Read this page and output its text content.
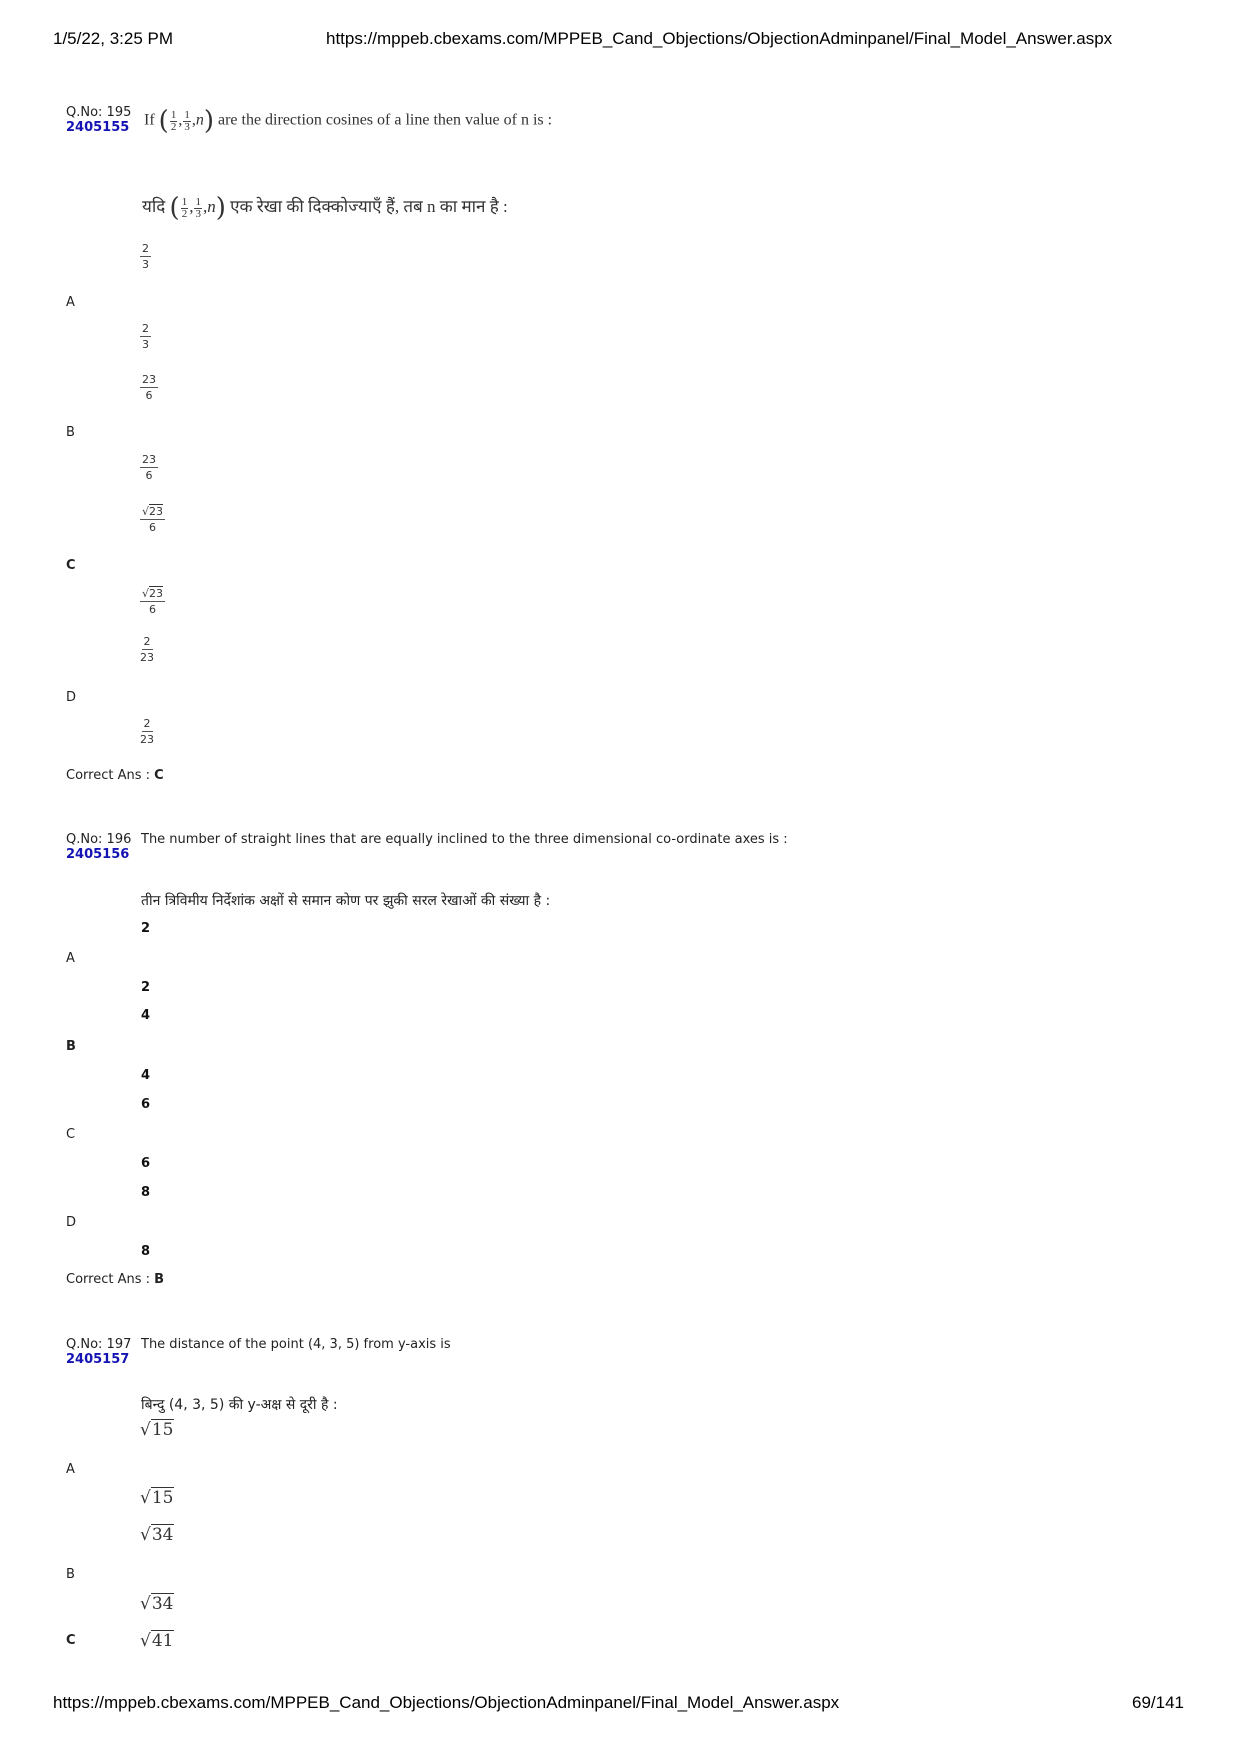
1/5/22, 3:25 PM	https://mppeb.cbexams.com/MPPEB_Cand_Objections/ObjectionAdminpanel/Final_Model_Answer.aspx
Q.No: 195
2405155 If ( $\frac{1}{2}$ , $\frac{1}{3} ,n$) are the direction cosines of a line then value of n is :
यदि ( $\frac{1}{2}$ , $\frac{1}{3} ,n$) एक रेखा की दिक्कोज्याएँ हैं, तब n का मान है :
$\frac{2}{3}$
A
$\frac{2}{3}$
$\frac{23}{6}$
B
$\frac{23}{6}$
$\frac{√23}{6}$
C
$\frac{√23}{6}$
$\frac{2}{23}$
D
$\frac{2}{23}$
Correct Ans : C
Q.No: 196
2405156
The number of straight lines that are equally inclined to the three dimensional co-ordinate axes is :
तीन त्रिविमीय निर्देशांक अक्षों से समान कोण पर झुकी सरल रेखाओं की संख्या है :
2
A
2
4
B
4
6
C
6
8
D
8
Correct Ans : B
Q.No: 197
2405157
The distance of the point (4, 3, 5) from y-axis is
बिन्दु (4, 3, 5) की y-अक्ष से दूरी है :
√15
A
√15
√34
B
√34
C	√41
https://mppeb.cbexams.com/MPPEB_Cand_Objections/ObjectionAdminpanel/Final_Model_Answer.aspx	69/141
